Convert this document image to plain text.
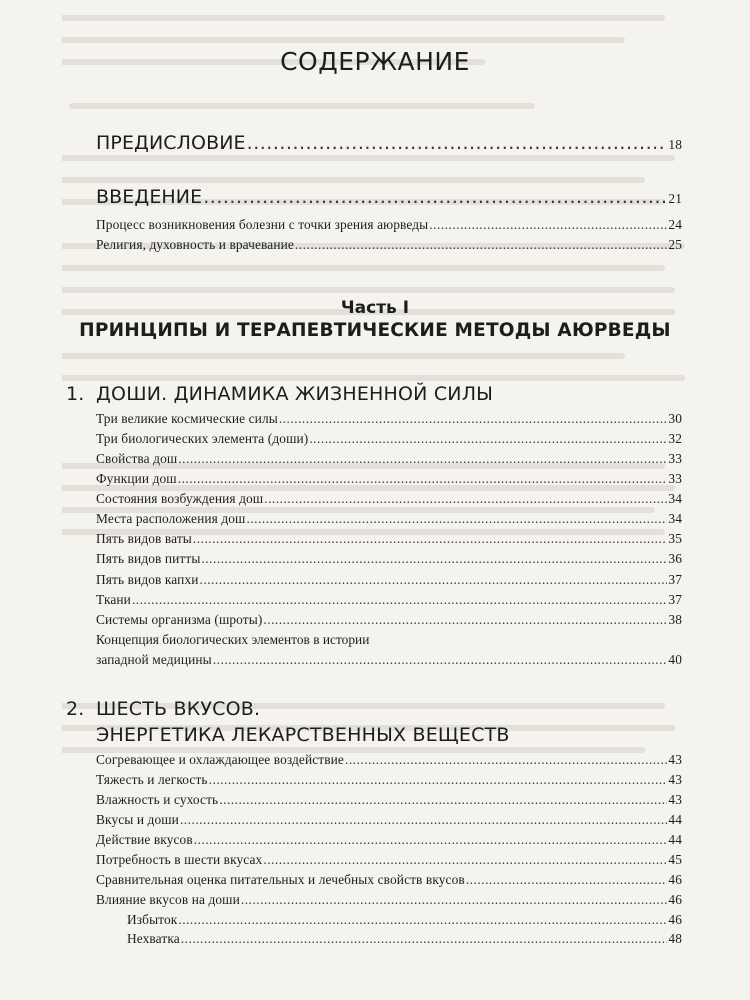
СОДЕРЖАНИЕ
ПРЕДИСЛОВИЕ .....	18
ВВЕДЕНИЕ .....	21
Процесс возникновения болезни с точки зрения аюрведы .....	24
Религия, духовность и врачевание .....	25
Часть I
ПРИНЦИПЫ И ТЕРАПЕВТИЧЕСКИЕ МЕТОДЫ АЮРВЕДЫ
1. ДОШИ. ДИНАМИКА ЖИЗНЕННОЙ СИЛЫ
Три великие космические силы .....	30
Три биологических элемента (доши) .....	32
Свойства дош .....	33
Функции дош .....	33
Состояния возбуждения дош .....	34
Места расположения дош .....	34
Пять видов ваты .....	35
Пять видов питты .....	36
Пять видов капхи .....	37
Ткани .....	37
Системы организма (шроты) .....	38
Концепция биологических элементов в истории
западной медицины .....	40
2. ШЕСТЬ ВКУСОВ.
ЭНЕРГЕТИКА ЛЕКАРСТВЕННЫХ ВЕЩЕСТВ
Согревающее и охлаждающее воздействие .....	43
Тяжесть и легкость .....	43
Влажность и сухость .....	43
Вкусы и доши .....	44
Действие вкусов .....	44
Потребность в шести вкусах .....	45
Сравнительная оценка питательных и лечебных свойств вкусов .....	46
Влияние вкусов на доши .....	46
Избыток .....	46
Нехватка .....	48
